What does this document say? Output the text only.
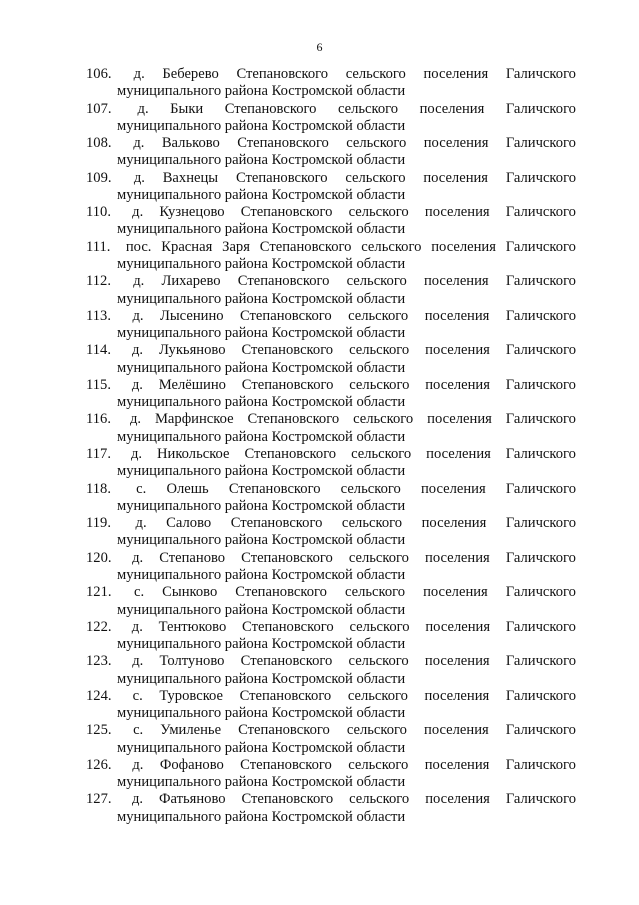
6
106.	д. Беберево Степановского сельского поселения Галичского
муниципального района Костромской области
107.	д. Быки Степановского сельского поселения Галичского
муниципального района Костромской области
108.	д. Вальково Степановского сельского поселения Галичского
муниципального района Костромской области
109.	д. Вахнецы Степановского сельского поселения Галичского
муниципального района Костромской области
110.	д. Кузнецово Степановского сельского поселения Галичского
муниципального района Костромской области
111.	пос. Красная Заря Степановского сельского поселения Галичского
муниципального района Костромской области
112.	д. Лихарево Степановского сельского поселения Галичского
муниципального района Костромской области
113.	д. Лысенино Степановского сельского поселения Галичского
муниципального района Костромской области
114.	д. Лукьяново Степановского сельского поселения Галичского
муниципального района Костромской области
115.	д. Мелёшино Степановского сельского поселения Галичского
муниципального района Костромской области
116.	д. Марфинское Степановского сельского поселения Галичского
муниципального района Костромской области
117.	д. Никольское Степановского сельского поселения Галичского
муниципального района Костромской области
118.	с. Олешь Степановского сельского поселения Галичского
муниципального района Костромской области
119.	д. Салово Степановского сельского поселения Галичского
муниципального района Костромской области
120.	д. Степаново Степановского сельского поселения Галичского
муниципального района Костромской области
121.	с. Сынково Степановского сельского поселения Галичского
муниципального района Костромской области
122.	д. Тентюково Степановского сельского поселения Галичского
муниципального района Костромской области
123.	д. Толтуново Степановского сельского поселения Галичского
муниципального района Костромской области
124.	с. Туровское Степановского сельского поселения Галичского
муниципального района Костромской области
125.	с. Умиленье Степановского сельского поселения Галичского
муниципального района Костромской области
126.	д. Фофаново Степановского сельского поселения Галичского
муниципального района Костромской области
127.	д. Фатьяново Степановского сельского поселения Галичского
муниципального района Костромской области
